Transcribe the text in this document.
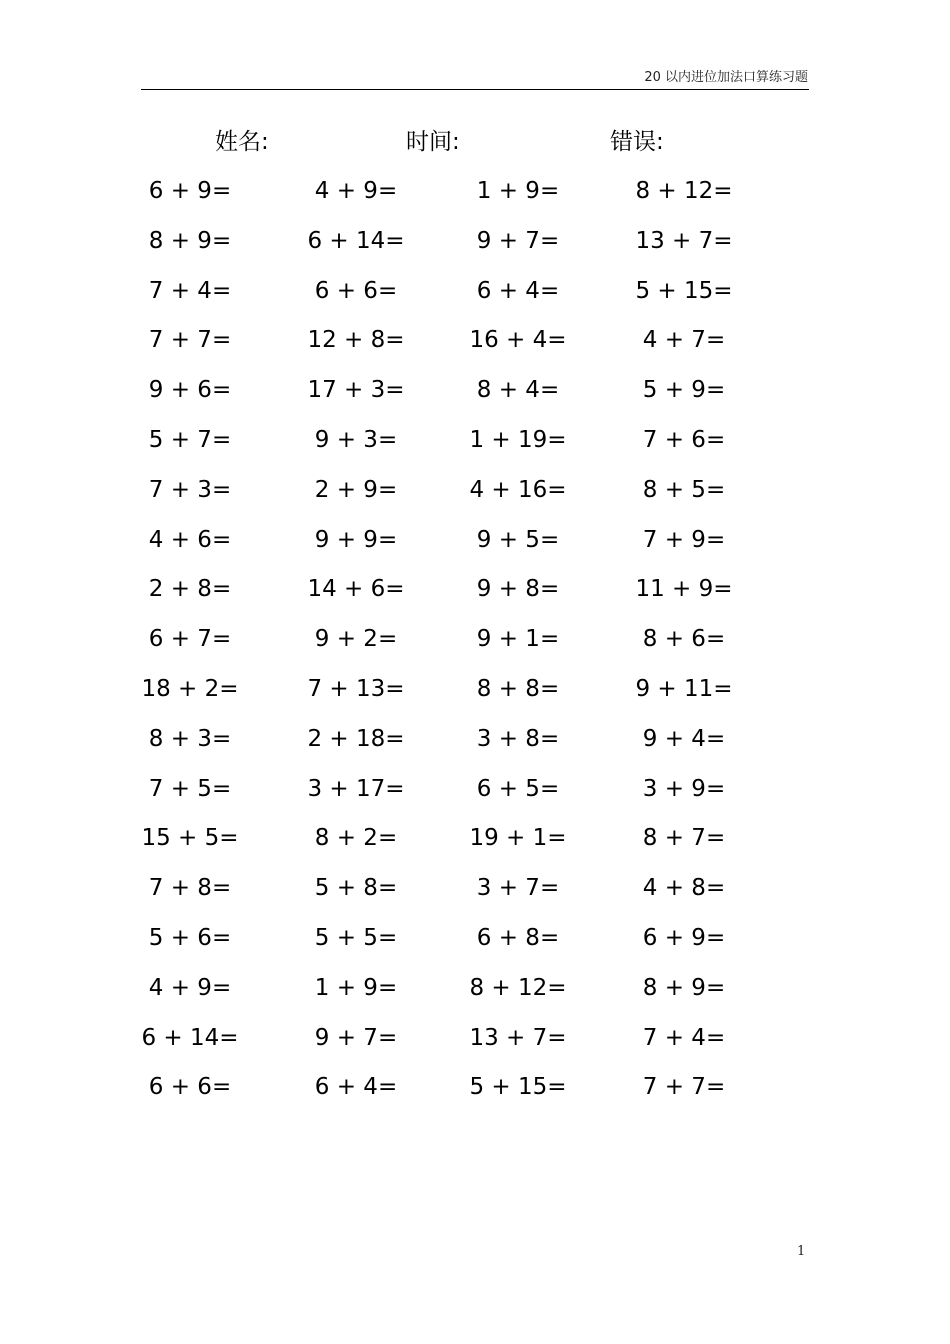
20 以内进位加法口算练习题
姓名:	时间:	错误:
6 + 9=	4 + 9=	1 + 9=	8 + 12=
8 + 9=	6 + 14=	9 + 7=	13 + 7=
7 + 4=	6 + 6=	6 + 4=	5 + 15=
7 + 7=	12 + 8=	16 + 4=	4 + 7=
9 + 6=	17 + 3=	8 + 4=	5 + 9=
5 + 7=	9 + 3=	1 + 19=	7 + 6=
7 + 3=	2 + 9=	4 + 16=	8 + 5=
4 + 6=	9 + 9=	9 + 5=	7 + 9=
2 + 8=	14 + 6=	9 + 8=	11 + 9=
6 + 7=	9 + 2=	9 + 1=	8 + 6=
18 + 2=	7 + 13=	8 + 8=	9 + 11=
8 + 3=	2 + 18=	3 + 8=	9 + 4=
7 + 5=	3 + 17=	6 + 5=	3 + 9=
15 + 5=	8 + 2=	19 + 1=	8 + 7=
7 + 8=	5 + 8=	3 + 7=	4 + 8=
5 + 6=	5 + 5=	6 + 8=	6 + 9=
4 + 9=	1 + 9=	8 + 12=	8 + 9=
6 + 14=	9 + 7=	13 + 7=	7 + 4=
6 + 6=	6 + 4=	5 + 15=	7 + 7=
1
